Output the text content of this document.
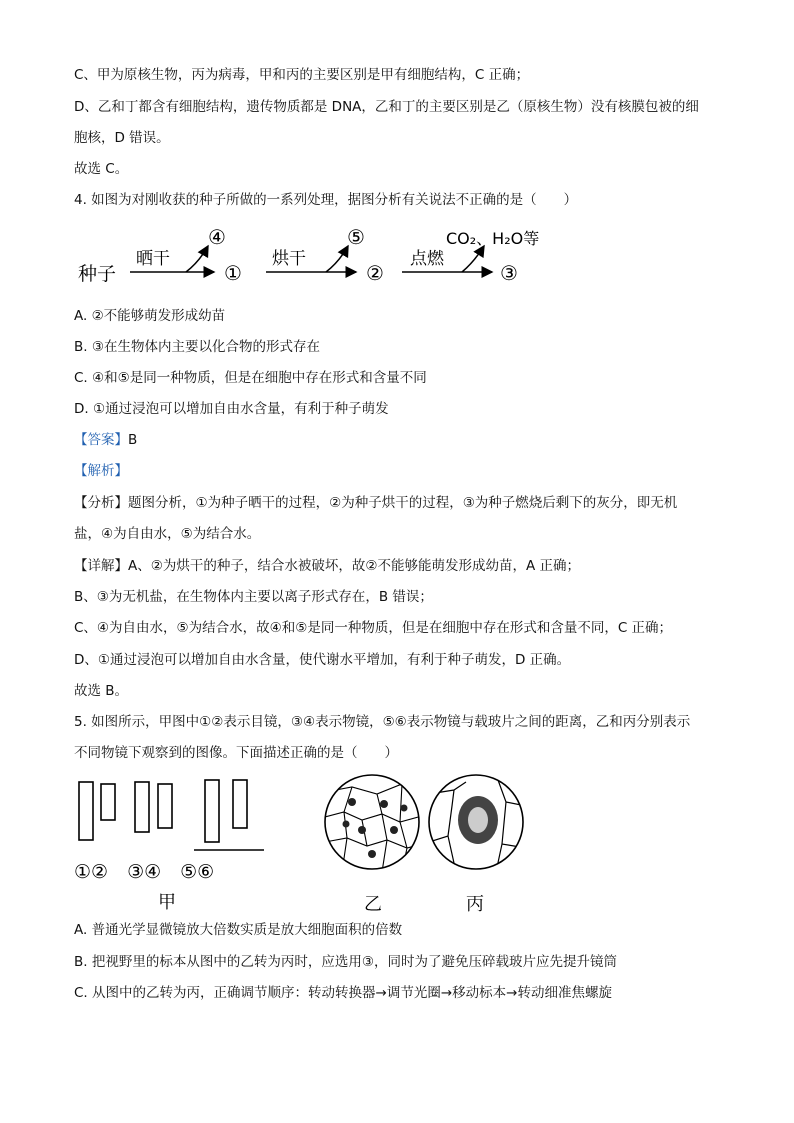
C、甲为原核生物，丙为病毒，甲和丙的主要区别是甲有细胞结构，C 正确；
D、乙和丁都含有细胞结构，遗传物质都是 DNA，乙和丁的主要区别是乙（原核生物）没有核膜包被的细
胞核，D 错误。
故选 C。
4. 如图为对刚收获的种子所做的一系列处理，据图分析有关说法不正确的是（　　）
种子
晒干
④
①
烘干
⑤
②
点燃
CO₂、H₂O等
③
A. ②不能够萌发形成幼苗
B. ③在生物体内主要以化合物的形式存在
C. ④和⑤是同一种物质，但是在细胞中存在形式和含量不同
D. ①通过浸泡可以增加自由水含量，有利于种子萌发
【答案】B
【解析】
【分析】题图分析，①为种子晒干的过程，②为种子烘干的过程，③为种子燃烧后剩下的灰分，即无机
盐，④为自由水，⑤为结合水。
【详解】A、②为烘干的种子，结合水被破坏，故②不能够能萌发形成幼苗，A 正确；
B、③为无机盐，在生物体内主要以离子形式存在，B 错误；
C、④为自由水，⑤为结合水，故④和⑤是同一种物质，但是在细胞中存在形式和含量不同，C 正确；
D、①通过浸泡可以增加自由水含量，使代谢水平增加，有利于种子萌发，D 正确。
故选 B。
5. 如图所示，甲图中①②表示目镜，③④表示物镜，⑤⑥表示物镜与载玻片之间的距离，乙和丙分别表示
不同物镜下观察到的图像。下面描述正确的是（　　）
①②　③④　⑤⑥
甲	乙	丙
A. 普通光学显微镜放大倍数实质是放大细胞面积的倍数
B. 把视野里的标本从图中的乙转为丙时，应选用③，同时为了避免压碎载玻片应先提升镜筒
C. 从图中的乙转为丙，正确调节顺序：转动转换器→调节光圈→移动标本→转动细准焦螺旋
